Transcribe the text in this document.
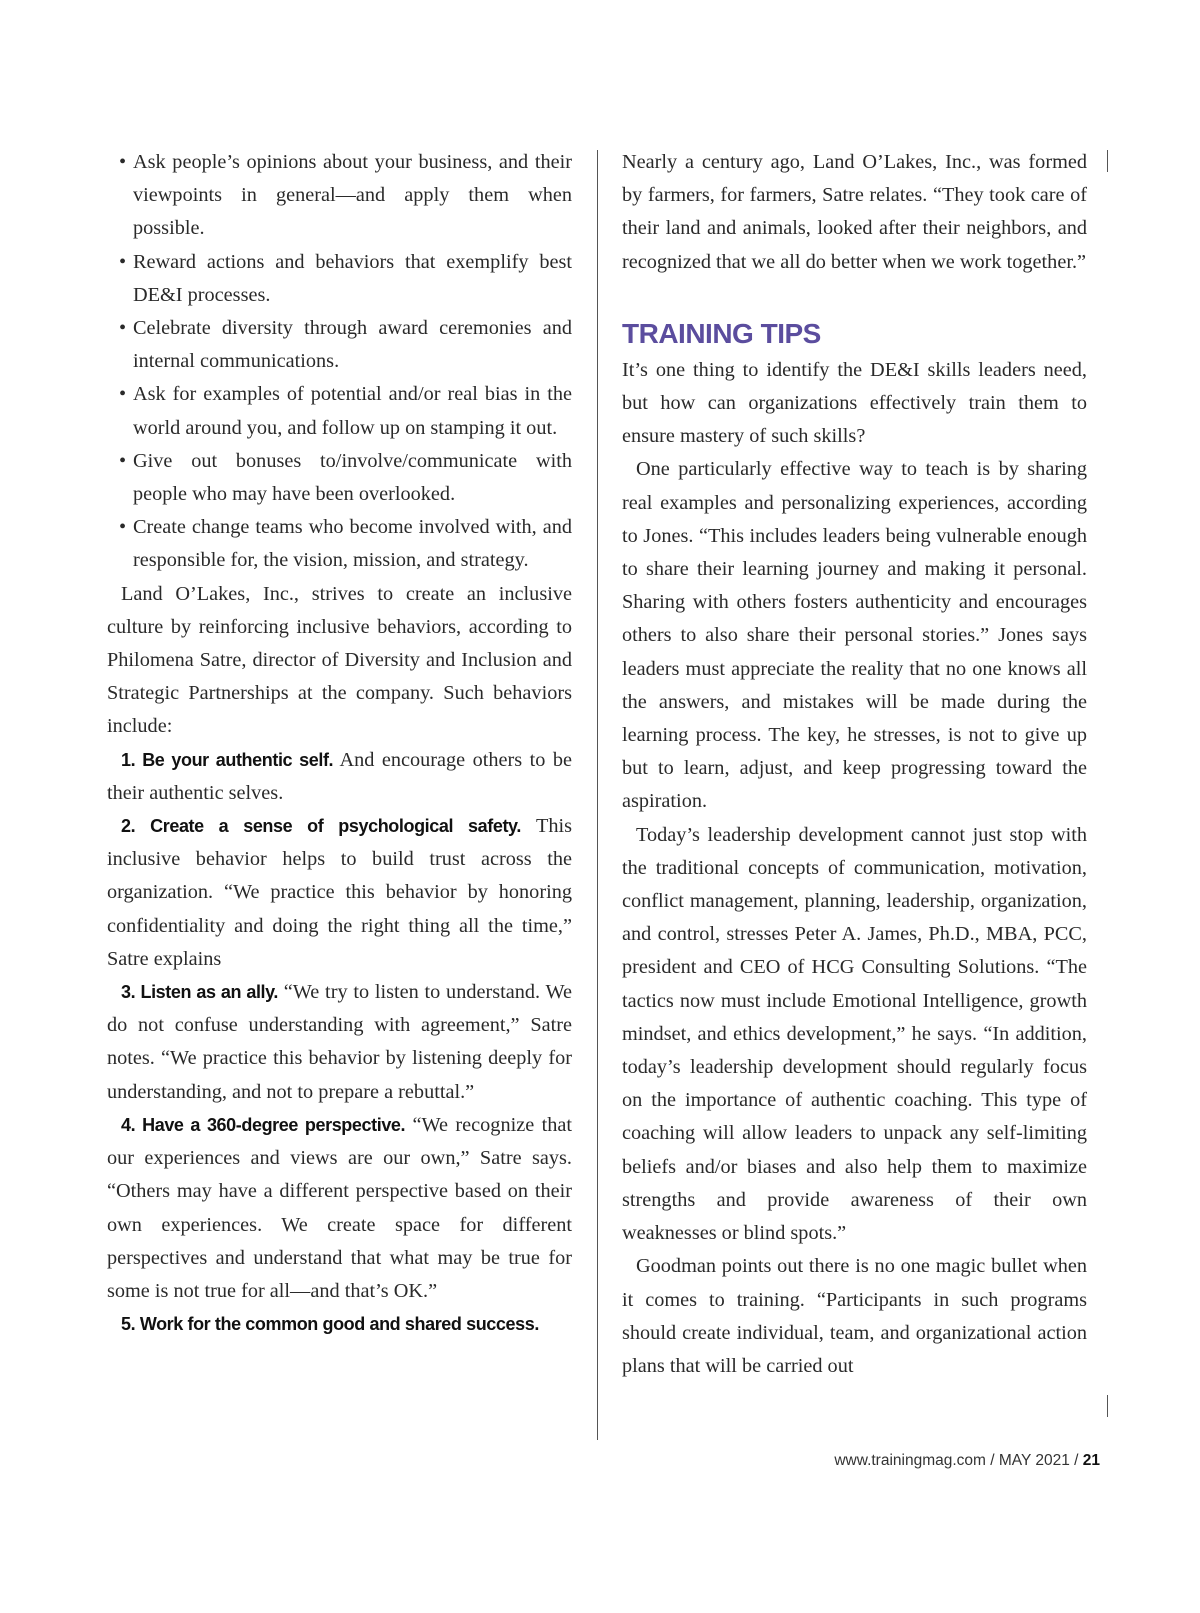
• Ask people’s opinions about your business, and their viewpoints in general—and apply them when possible.
• Reward actions and behaviors that exemplify best DE&I processes.
• Celebrate diversity through award ceremonies and internal communications.
• Ask for examples of potential and/or real bias in the world around you, and follow up on stamping it out.
• Give out bonuses to/involve/communicate with people who may have been overlooked.
• Create change teams who become involved with, and responsible for, the vision, mission, and strategy.

Land O’Lakes, Inc., strives to create an inclusive culture by reinforcing inclusive behaviors, according to Philomena Satre, director of Diversity and Inclusion and Strategic Partnerships at the company. Such behaviors include:

1. Be your authentic self. And encourage others to be their authentic selves.

2. Create a sense of psychological safety. This inclusive behavior helps to build trust across the organization. “We practice this behavior by honoring confidentiality and doing the right thing all the time,” Satre explains

3. Listen as an ally. “We try to listen to understand. We do not confuse understanding with agreement,” Satre notes. “We practice this behavior by listening deeply for understanding, and not to prepare a rebuttal.”

4. Have a 360-degree perspective. “We recognize that our experiences and views are our own,” Satre says. “Others may have a different perspective based on their own experiences. We create space for different perspectives and understand that what may be true for some is not true for all—and that’s OK.”

5. Work for the common good and shared success.

Nearly a century ago, Land O’Lakes, Inc., was formed by farmers, for farmers, Satre relates. “They took care of their land and animals, looked after their neighbors, and recognized that we all do better when we work together.”

TRAINING TIPS

It’s one thing to identify the DE&I skills leaders need, but how can organizations effectively train them to ensure mastery of such skills?

One particularly effective way to teach is by sharing real examples and personalizing experiences, according to Jones. “This includes leaders being vulnerable enough to share their learning journey and making it personal. Sharing with others fosters authenticity and encourages others to also share their personal stories.” Jones says leaders must appreciate the reality that no one knows all the answers, and mistakes will be made during the learning process. The key, he stresses, is not to give up but to learn, adjust, and keep progressing toward the aspiration.

Today’s leadership development cannot just stop with the traditional concepts of communication, motivation, conflict management, planning, leadership, organization, and control, stresses Peter A. James, Ph.D., MBA, PCC, president and CEO of HCG Consulting Solutions. “The tactics now must include Emotional Intelligence, growth mindset, and ethics development,” he says. “In addition, today’s leadership development should regularly focus on the importance of authentic coaching. This type of coaching will allow leaders to unpack any self-limiting beliefs and/or biases and also help them to maximize strengths and provide awareness of their own weaknesses or blind spots.”

Goodman points out there is no one magic bullet when it comes to training. “Participants in such programs should create individual, team, and organizational action plans that will be carried out

www.trainingmag.com / MAY 2021 / 21
